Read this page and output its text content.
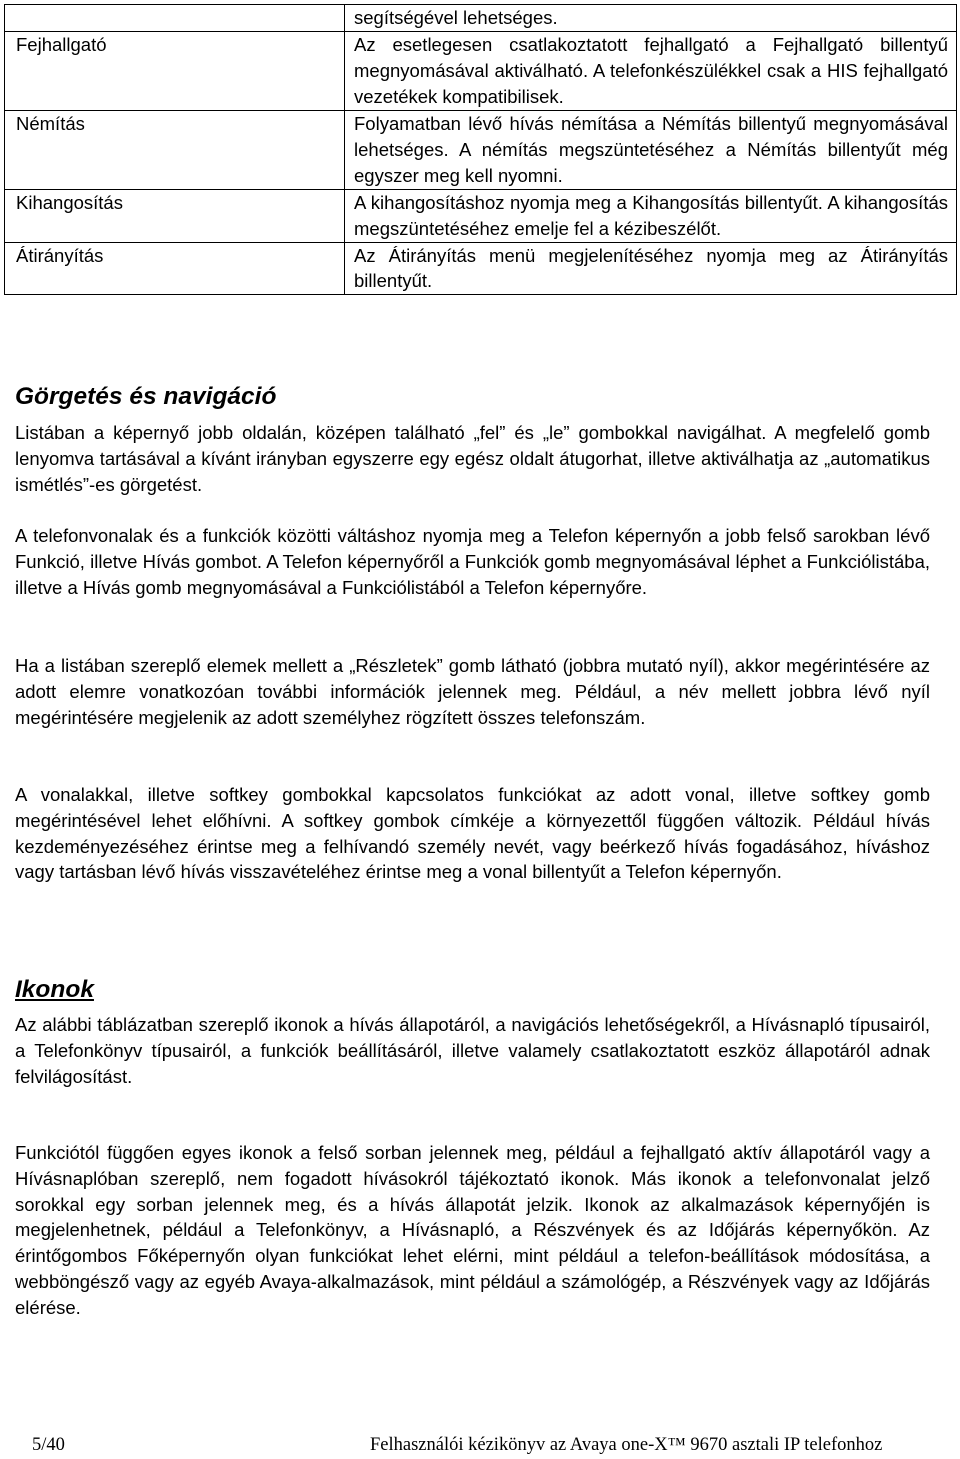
	segítségével lehetséges.

Fejhallgató	Az esetlegesen csatlakoztatott fejhallgató a Fejhallgató billentyű megnyomásával aktiválható. A telefonkészülékkel csak a HIS fejhallgató vezetékek kompatibilisek.
Némítás	Folyamatban lévő hívás némítása a Némítás billentyű megnyomásával lehetséges. A némítás megszüntetéséhez a Némítás billentyűt még egyszer meg kell nyomni.
Kihangosítás	A kihangosításhoz nyomja meg a Kihangosítás billentyűt. A kihangosítás megszüntetéséhez emelje fel a kézibeszélőt.
Átirányítás	Az Átirányítás menü megjelenítéséhez nyomja meg az Átirányítás billentyűt.
Görgetés és navigáció

Listában a képernyő jobb oldalán, középen található „fel” és „le” gombokkal navigálhat. A megfelelő gomb lenyomva tartásával a kívánt irányban egyszerre egy egész oldalt átugorhat, illetve aktiválhatja az „automatikus ismétlés”-es görgetést.

A telefonvonalak és a funkciók közötti váltáshoz nyomja meg a Telefon képernyőn a jobb felső sarokban lévő Funkció, illetve Hívás gombot. A Telefon képernyőről a Funkciók gomb megnyomásával léphet a Funkciólistába, illetve a Hívás gomb megnyomásával a Funkciólistából a Telefon képernyőre.

Ha a listában szereplő elemek mellett a „Részletek” gomb látható (jobbra mutató nyíl), akkor megérintésére az adott elemre vonatkozóan további információk jelennek meg. Például, a név mellett jobbra lévő nyíl megérintésére megjelenik az adott személyhez rögzített összes telefonszám.

A vonalakkal, illetve softkey gombokkal kapcsolatos funkciókat az adott vonal, illetve softkey gomb megérintésével lehet előhívni. A softkey gombok címkéje a környezettől függően változik. Például hívás kezdeményezéséhez érintse meg a felhívandó személy nevét, vagy beérkező hívás fogadásához, híváshoz vagy tartásban lévő hívás visszavételéhez érintse meg a vonal billentyűt a Telefon képernyőn.

Ikonok

Az alábbi táblázatban szereplő ikonok a hívás állapotáról, a navigációs lehetőségekről, a Hívásnapló típusairól, a Telefonkönyv típusairól, a funkciók beállításáról, illetve valamely csatlakoztatott eszköz állapotáról adnak felvilágosítást.

Funkciótól függően egyes ikonok a felső sorban jelennek meg, például a fejhallgató aktív állapotáról vagy a Hívásnaplóban szereplő, nem fogadott hívásokról tájékoztató ikonok. Más ikonok a telefonvonalat jelző sorokkal egy sorban jelennek meg, és a hívás állapotát jelzik. Ikonok az alkalmazások képernyőjén is megjelenhetnek, például a Telefonkönyv, a Hívásnapló, a Részvények és az Időjárás képernyőkön. Az érintőgombos Főképernyőn olyan funkciókat lehet elérni, mint például a telefon-beállítások módosítása, a webböngésző vagy az egyéb Avaya-alkalmazások, mint például a számológép, a Részvények vagy az Időjárás elérése.

5/40	Felhasználói kézikönyv az Avaya one-X™ 9670 asztali IP telefonhoz
